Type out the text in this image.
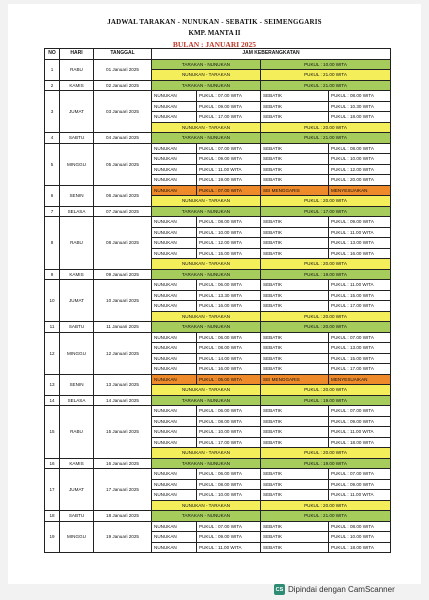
JADWAL TARAKAN - NUNUKAN - SEBATIK - SEIMENGGARIS
KMP. MANTA II
BULAN : JANUARI 2025
NO	HARI	TANGGAL	JAM KEBERANGKATAN			
1	RABU	01 Januari 2025	TARAKAN - NUNUKAN		PUKUL : 10.00 WITA	
			NUNUKAN - TARAKAN		PUKUL : 21.00 WITA	
2	KAMIS	02 Januari 2025	TARAKAN - NUNUKAN		PUKUL : 21.00 WITA	
3	JUMAT	03 Januari 2025	NUNUKAN	PUKUL : 07.00 WITA	SEBATIK	PUKUL : 08.00 WITA
			NUNUKAN	PUKUL : 09.00 WITA	SEBATIK	PUKUL : 10.30 WITA
			NUNUKAN	PUKUL : 17.00 WITA	SEBATIK	PUKUL : 18.00 WITA
			NUNUKAN - TARAKAN		PUKUL : 20.00 WITA	
4	SABTU	04 Januari 2025	TARAKAN - NUNUKAN		PUKUL : 21.00 WITA	
5	MINGGU	05 Januari 2025	NUNUKAN	PUKUL : 07.00 WITA	SEBATIK	PUKUL : 08.00 WITA
			NUNUKAN	PUKUL : 09.00 WITA	SEBATIK	PUKUL : 10.00 WITA
			NUNUKAN	PUKUL : 11.00 WITA	SEBATIK	PUKUL : 12.00 WITA
			NUNUKAN	PUKUL : 19.00 WITA	SEBATIK	PUKUL : 20.00 WITA
6	SENIN	06 Januari 2025	NUNUKAN	PUKUL : 07.00 WITA	SEI MENGGARIS	MENYESUAIKAN
			NUNUKAN - TARAKAN		PUKUL : 20.00 WITA	
7	SELASA	07 Januari 2025	TARAKAN - NUNUKAN		PUKUL : 17.00 WITA	
8	RABU	08 Januari 2025	NUNUKAN	PUKUL : 08.00 WITA	SEBATIK	PUKUL : 09.00 WITA
			NUNUKAN	PUKUL : 10.00 WITA	SEBATIK	PUKUL : 11.00 WITA
			NUNUKAN	PUKUL : 12.00 WITA	SEBATIK	PUKUL : 13.00 WITA
			NUNUKAN	PUKUL : 15.00 WITA	SEBATIK	PUKUL : 16.00 WITA
			NUNUKAN - TARAKAN		PUKUL : 20.00 WITA	
9	KAMIS	09 Januari 2025	TARAKAN - NUNUKAN		PUKUL : 19.00 WITA	
10	JUMAT	10 Januari 2025	NUNUKAN	PUKUL : 06.00 WITA	SEBATIK	PUKUL : 11.00 WITA
			NUNUKAN	PUKUL : 13.30 WITA	SEBATIK	PUKUL : 15.00 WITA
			NUNUKAN	PUKUL : 16.00 WITA	SEBATIK	PUKUL : 17.00 WITA
			NUNUKAN - TARAKAN		PUKUL : 20.00 WITA	
11	SABTU	11 Januari 2025	TARAKAN - NUNUKAN		PUKUL : 20.00 WITA	
12	MINGGU	12 Januari 2025	NUNUKAN	PUKUL : 06.00 WITA	SEBATIK	PUKUL : 07.00 WITA
			NUNUKAN	PUKUL : 08.00 WITA	SEBATIK	PUKUL : 13.00 WITA
			NUNUKAN	PUKUL : 14.00 WITA	SEBATIK	PUKUL : 15.00 WITA
			NUNUKAN	PUKUL : 16.00 WITA	SEBATIK	PUKUL : 17.00 WITA
13	SENIN	13 Januari 2025	NUNUKAN	PUKUL : 05.00 WITA	SEI MENGGARIS	MENYESUAIKAN
			NUNUKAN - TARAKAN		PUKUL : 20.00 WITA	
14	SELASA	14 Januari 2025	TARAKAN - NUNUKAN		PUKUL : 19.00 WITA	
15	RABU	15 Januari 2025	NUNUKAN	PUKUL : 06.00 WITA	SEBATIK	PUKUL : 07.00 WITA
			NUNUKAN	PUKUL : 08.00 WITA	SEBATIK	PUKUL : 09.00 WITA
			NUNUKAN	PUKUL : 10.00 WITA	SEBATIK	PUKUL : 11.00 WITA
			NUNUKAN	PUKUL : 17.00 WITA	SEBATIK	PUKUL : 18.00 WITA
			NUNUKAN - TARAKAN		PUKUL : 20.00 WITA	
16	KAMIS	16 Januari 2025	TARAKAN - NUNUKAN		PUKUL : 19.00 WITA	
17	JUMAT	17 Januari 2025	NUNUKAN	PUKUL : 06.00 WITA	SEBATIK	PUKUL : 07.00 WITA
			NUNUKAN	PUKUL : 08.00 WITA	SEBATIK	PUKUL : 09.00 WITA
			NUNUKAN	PUKUL : 10.00 WITA	SEBATIK	PUKUL : 11.00 WITA
			NUNUKAN - TARAKAN		PUKUL : 20.00 WITA	
18	SABTU	18 Januari 2025	TARAKAN - NUNUKAN		PUKUL : 21.00 WITA	
19	MINGGU	19 Januari 2025	NUNUKAN	PUKUL : 07.00 WITA	SEBATIK	PUKUL : 08.00 WITA
			NUNUKAN	PUKUL : 09.00 WITA	SEBATIK	PUKUL : 10.00 WITA
			NUNUKAN	PUKUL : 11.00 WITA	SEBATIK	PUKUL : 18.00 WITA
CS Dipindai dengan CamScanner
